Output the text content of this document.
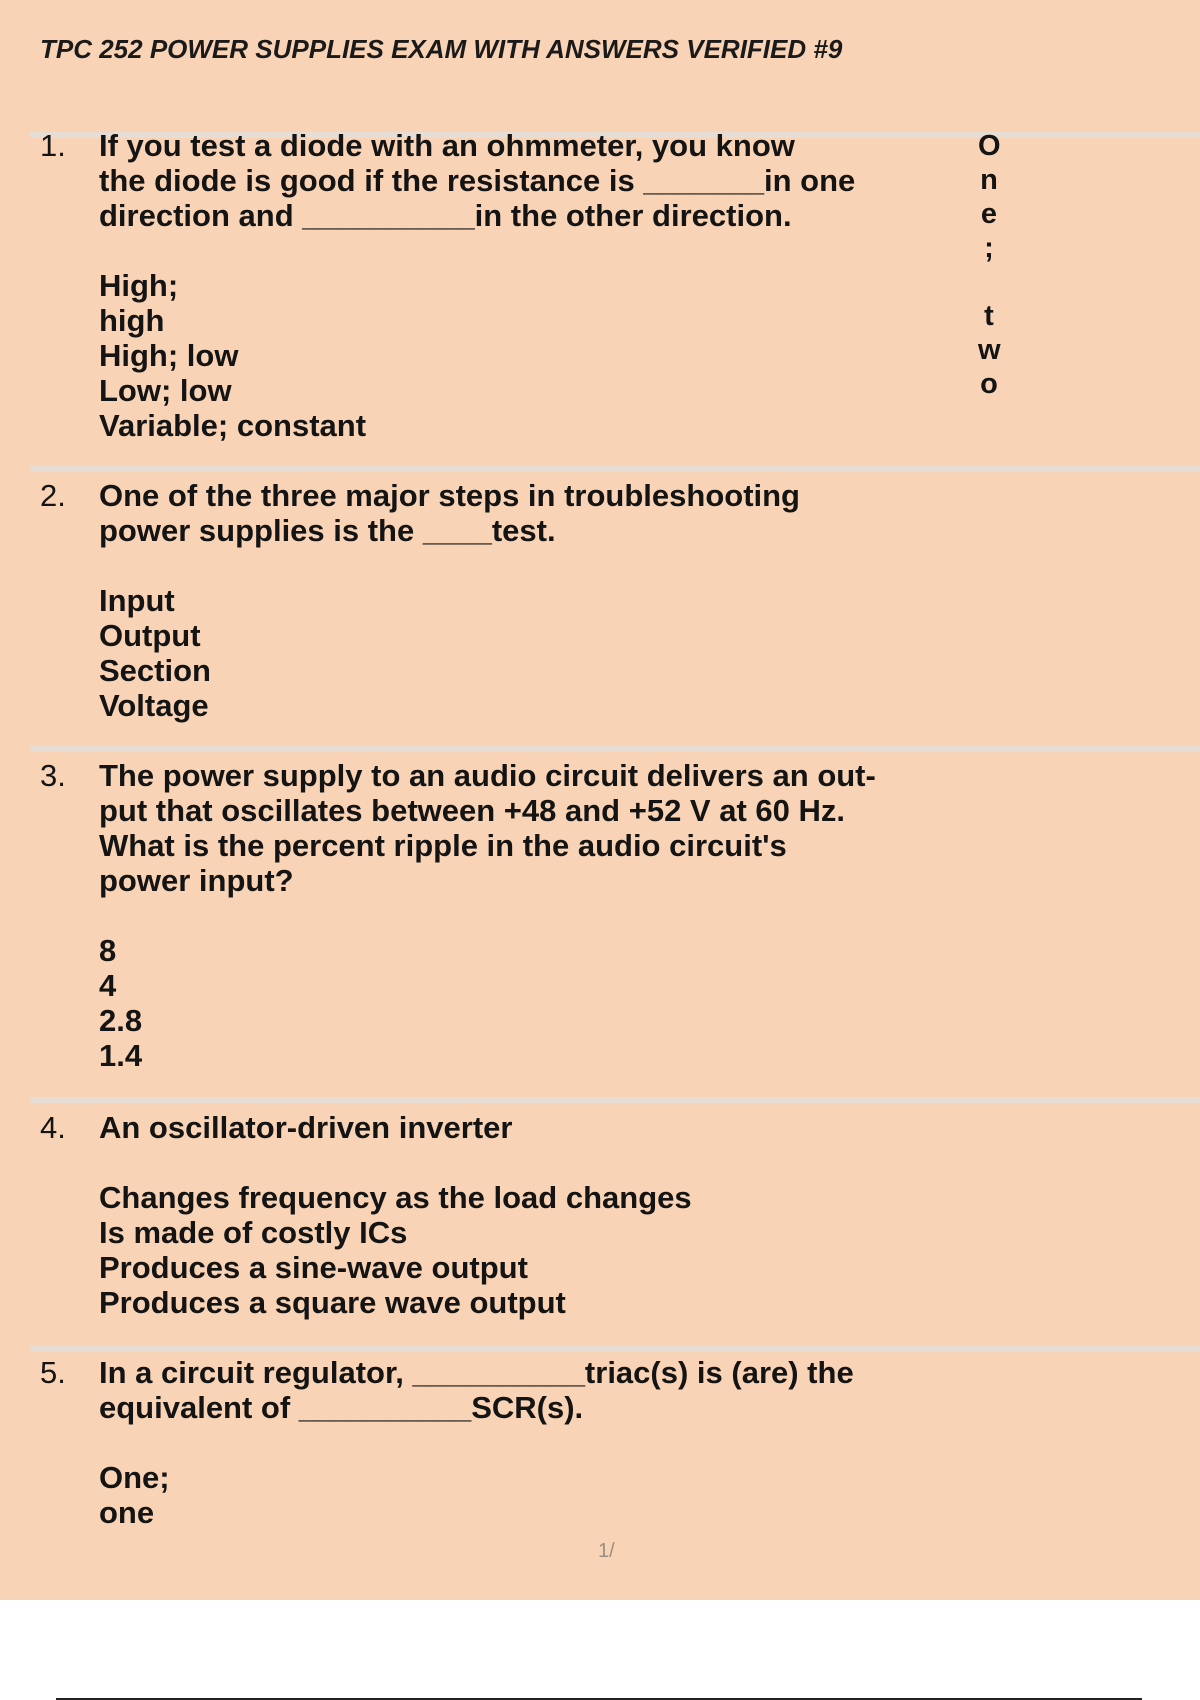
TPC 252 POWER SUPPLIES EXAM WITH ANSWERS VERIFIED #9
1. If you test a diode with an ohmmeter, you know
the diode is good if the resistance is _______in one
direction and __________in the other direction.
High;
high
High; low
Low; low
Variable; constant
O
n
e
;
t
w
o
2. One of the three major steps in troubleshooting
power supplies is the ____test.
Input
Output
Section
Voltage
3. The power supply to an audio circuit delivers an out-
put that oscillates between +48 and +52 V at 60 Hz.
What is the percent ripple in the audio circuit's
power input?
8
4
2.8
1.4
4. An oscillator-driven inverter
Changes frequency as the load changes
Is made of costly ICs
Produces a sine-wave output
Produces a square wave output
5. In a circuit regulator, __________triac(s) is (are) the
equivalent of __________SCR(s).
One;
one
1/
